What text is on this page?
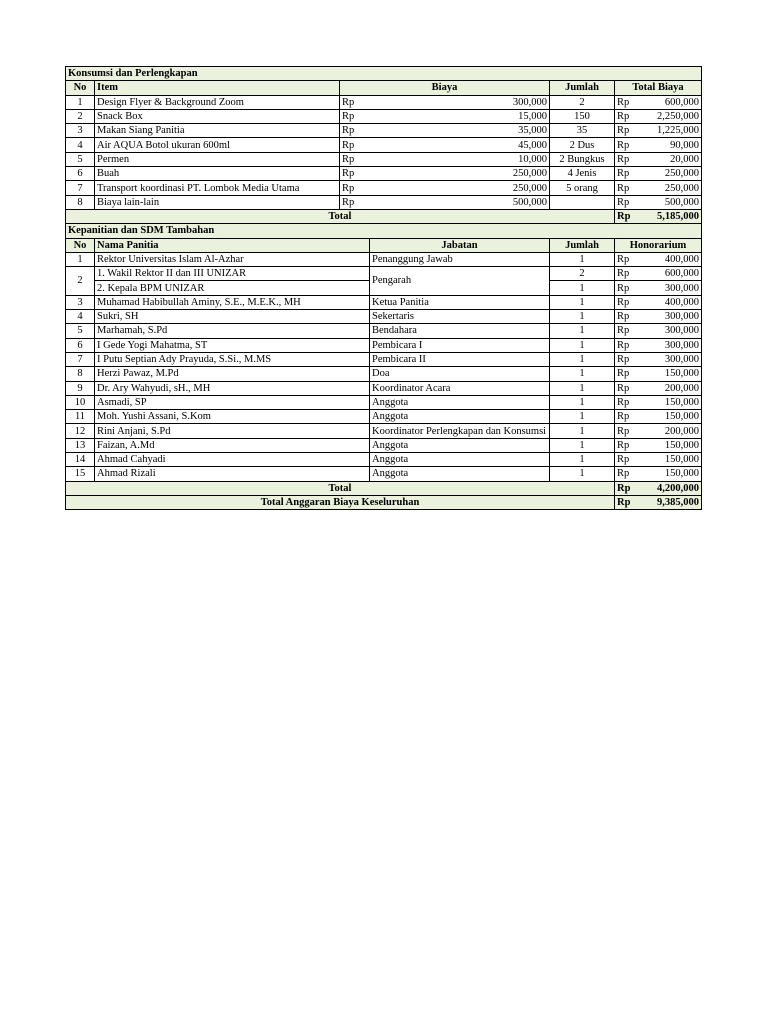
Konsumsi dan Perlengkapan						
No	Item	Biaya		Jumlah	Total Biaya	
1	Design Flyer & Background Zoom	Rp	300,000	2	Rp	600,000
2	Snack Box	Rp	15,000	150	Rp	2,250,000
3	Makan Siang Panitia	Rp	35,000	35	Rp	1,225,000
4	Air AQUA Botol ukuran 600ml	Rp	45,000	2 Dus	Rp	90,000
5	Permen	Rp	10,000	2 Bungkus	Rp	20,000
6	Buah	Rp	250,000	4 Jenis	Rp	250,000
7	Transport koordinasi PT. Lombok Media Utama	Rp	250,000	5 orang	Rp	250,000
8	Biaya lain-lain	Rp	500,000		Rp	500,000
Total					Rp	5,185,000
Kepanitian dan SDM Tambahan						
No	Nama Panitia		Jabatan	Jumlah	Honorarium	
1	Rektor Universitas Islam Al-Azhar		Penanggung Jawab	1	Rp	400,000
2	1. Wakil Rektor II dan III UNIZAR		Pengarah	2	Rp	600,000
	2. Kepala BPM UNIZAR			1	Rp	300,000
3	Muhamad Habibullah Aminy, S.E., M.E.K., MH		Ketua Panitia	1	Rp	400,000
4	Sukri, SH		Sekertaris	1	Rp	300,000
5	Marhamah, S.Pd		Bendahara	1	Rp	300,000
6	I Gede Yogi Mahatma, ST		Pembicara I	1	Rp	300,000
7	I Putu Septian Ady Prayuda, S.Si., M.MS		Pembicara II	1	Rp	300,000
8	Herzi Pawaz, M.Pd		Doa	1	Rp	150,000
9	Dr. Ary Wahyudi, sH., MH		Koordinator Acara	1	Rp	200,000
10	Asmadi, SP		Anggota	1	Rp	150,000
11	Moh. Yushi Assani, S.Kom		Anggota	1	Rp	150,000
12	Rini Anjani, S.Pd		Koordinator Perlengkapan dan Konsumsi	1	Rp	200,000
13	Faizan, A.Md		Anggota	1	Rp	150,000
14	Ahmad Cahyadi		Anggota	1	Rp	150,000
15	Ahmad Rizali		Anggota	1	Rp	150,000
Total					Rp	4,200,000
Total Anggaran Biaya Keseluruhan					Rp	9,385,000
